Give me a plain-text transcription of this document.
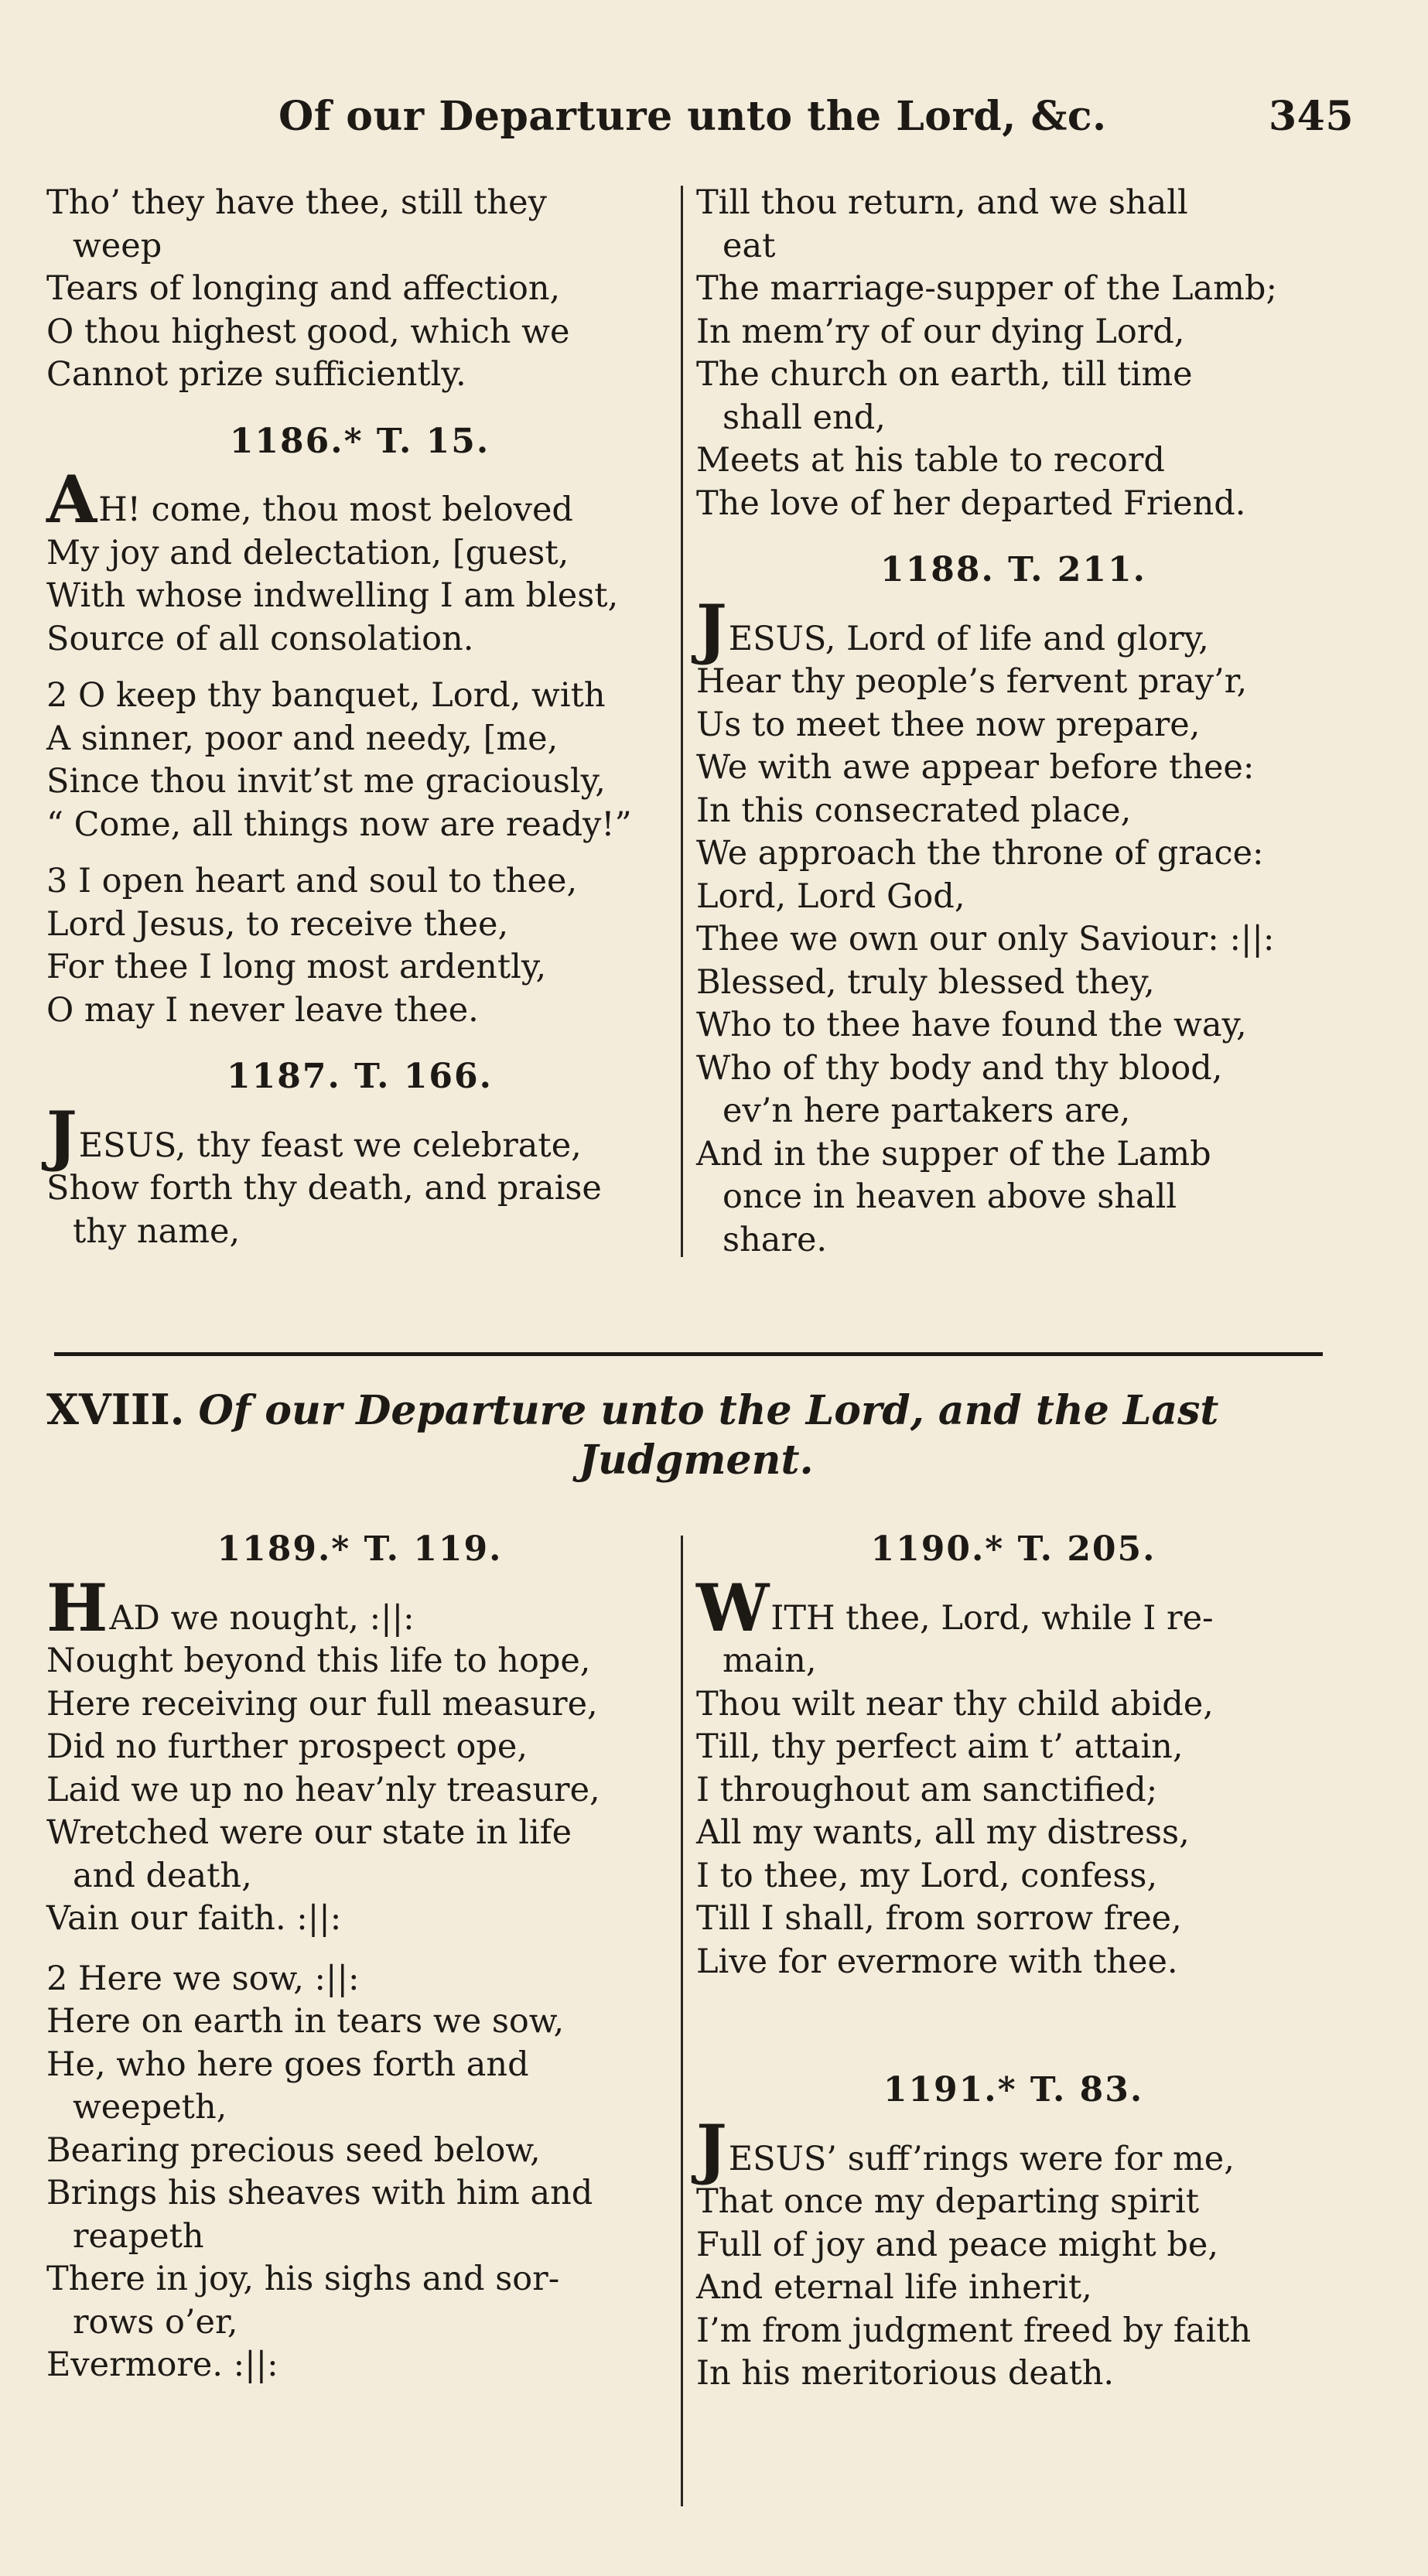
Of our Departure unto the Lord, &c.	345
Tho’ they have thee, still they
weep
Tears of longing and affection,
O thou highest good, which we
Cannot prize sufficiently.
1186.* T. 15.
AH! come, thou most beloved
My joy and delectation, [guest,
With whose indwelling I am blest,
Source of all consolation.
2 O keep thy banquet, Lord, with
A sinner, poor and needy, [me,
Since thou invit’st me graciously,
“ Come, all things now are ready!”
3 I open heart and soul to thee,
Lord Jesus, to receive thee,
For thee I long most ardently,
O may I never leave thee.
1187. T. 166.
JESUS, thy feast we celebrate,
Show forth thy death, and praise
thy name,
Till thou return, and we shall
eat
The marriage-supper of the Lamb;
In mem’ry of our dying Lord,
The church on earth, till time
shall end,
Meets at his table to record
The love of her departed Friend.
1188. T. 211.
JESUS, Lord of life and glory,
Hear thy people’s fervent pray’r,
Us to meet thee now prepare,
We with awe appear before thee:
In this consecrated place,
We approach the throne of grace:
Lord, Lord God,
Thee we own our only Saviour: :||:
Blessed, truly blessed they,
Who to thee have found the way,
Who of thy body and thy blood,
ev’n here partakers are,
And in the supper of the Lamb
once in heaven above shall
share.
XVIII. Of our Departure unto the Lord, and the Last
Judgment.
1189.* T. 119.
HAD we nought, :||:
Nought beyond this life to hope,
Here receiving our full measure,
Did no further prospect ope,
Laid we up no heav’nly treasure,
Wretched were our state in life
and death,
Vain our faith. :||:
2 Here we sow, :||:
Here on earth in tears we sow,
He, who here goes forth and
weepeth,
Bearing precious seed below,
Brings his sheaves with him and
reapeth
There in joy, his sighs and sor-
rows o’er,
Evermore. :||:
1190.* T. 205.
WITH thee, Lord, while I re-
main,
Thou wilt near thy child abide,
Till, thy perfect aim t’ attain,
I throughout am sanctified;
All my wants, all my distress,
I to thee, my Lord, confess,
Till I shall, from sorrow free,
Live for evermore with thee.
1191.* T. 83.
JESUS’ suff’rings were for me,
That once my departing spirit
Full of joy and peace might be,
And eternal life inherit,
I’m from judgment freed by faith
In his meritorious death.
